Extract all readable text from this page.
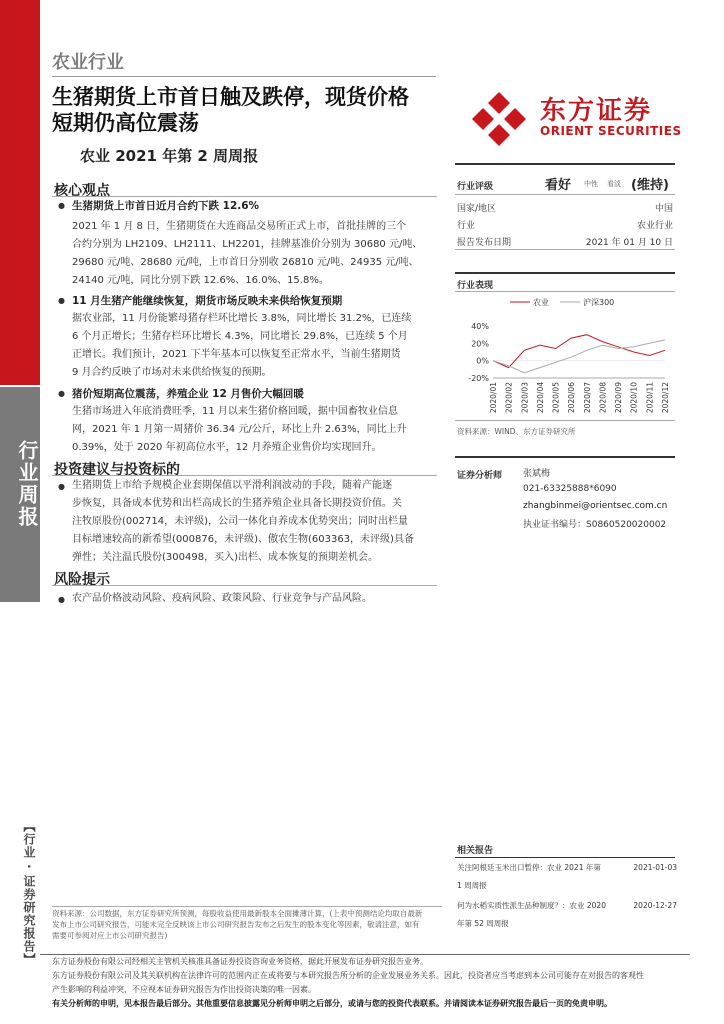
行业周报
【行业 · 证券研究报告】
农业行业
生猪期货上市首日触及跌停，现货价格
短期仍高位震荡
农业 2021 年第 2 周周报
东方证券
ORIENT SECURITIES
核心观点
● 生猪期货上市首日近月合约下跌 12.6%
2021 年 1 月 8 日，生猪期货在大连商品交易所正式上市，首批挂牌的三个
合约分别为 LH2109、LH2111、LH2201，挂牌基准价分别为 30680 元/吨、
29680 元/吨、28680 元/吨，上市首日分别收 26810 元/吨、24935 元/吨、
24140 元/吨，同比分别下跌 12.6%、16.0%、15.8%。
● 11 月生猪产能继续恢复，期货市场反映未来供给恢复预期
据农业部，11 月份能繁母猪存栏环比增长 3.8%，同比增长 31.2%，已连续
6 个月正增长；生猪存栏环比增长 4.3%，同比增长 29.8%，已连续 5 个月
正增长。我们预计，2021 下半年基本可以恢复至正常水平，当前生猪期货
9 月合约反映了市场对未来供给恢复的预期。
● 猪价短期高位震荡，养殖企业 12 月售价大幅回暖
生猪市场进入年底消费旺季，11 月以来生猪价格回暖，据中国畜牧业信息
网，2021 年 1 月第一周猪价 36.34 元/公斤，环比上升 2.63%，同比上升
0.39%，处于 2020 年初高位水平，12 月养殖企业售价均实现回升。
投资建议与投资标的
● 生猪期货上市给予规模企业套期保值以平滑利润波动的手段，随着产能逐
步恢复，具备成本优势和出栏高成长的生猪养殖企业具备长期投资价值。关
注牧原股份(002714，未评级)，公司一体化自养成本优势突出；同时出栏量
目标增速较高的新希望(000876，未评级)、傲农生物(603363，未评级)具备
弹性；关注温氏股份(300498，买入)出栏、成本恢复的预期差机会。
风险提示
● 农产品价格波动风险、疫病风险、政策风险、行业竞争与产品风险。
行业评级	看好 中性 看淡 (维持)
国家/地区	中国
行业	农业行业
报告发布日期	2021 年 01 月 10 日
行业表现
农业	沪深300
40%
20%
0%
-20%
2020/01 2020/02 2020/03 2020/04 2020/05 2020/06 2020/07 2020/08 2020/09 2020/10 2020/11 2020/12
资料来源：WIND、东方证券研究所
证券分析师 张斌梅
021-63325888*6090
zhangbinmei@orientsec.com.cn
执业证书编号：S0860520020002
相关报告
关注阿根廷玉米出口暂停：农业 2021 年第	2021-01-03
1 周周报
何为水稻实质性派生品种制度？：农业 2020	2020-12-27
年第 52 周周报
资料来源：公司数据，东方证券研究所预测，每股收益使用最新股本全面摊薄计算，(上表中预测结论均取自最新
发布上市公司研究报告，可能未完全反映该上市公司研究报告发布之后发生的股本变化等因素，敬请注意，如有
需要可参阅对应上市公司研究报告)
东方证券股份有限公司经相关主管机关核准具备证券投资咨询业务资格，据此开展发布证券研究报告业务。
东方证券股份有限公司及其关联机构在法律许可的范围内正在或将要与本研究报告所分析的企业发展业务关系。因此，投资者应当考虑到本公司可能存在对报告的客观性
产生影响的利益冲突，不应视本证券研究报告为作出投资决策的唯一因素。
有关分析师的申明，见本报告最后部分。其他重要信息披露见分析师申明之后部分，或请与您的投资代表联系。并请阅读本证券研究报告最后一页的免责申明。
